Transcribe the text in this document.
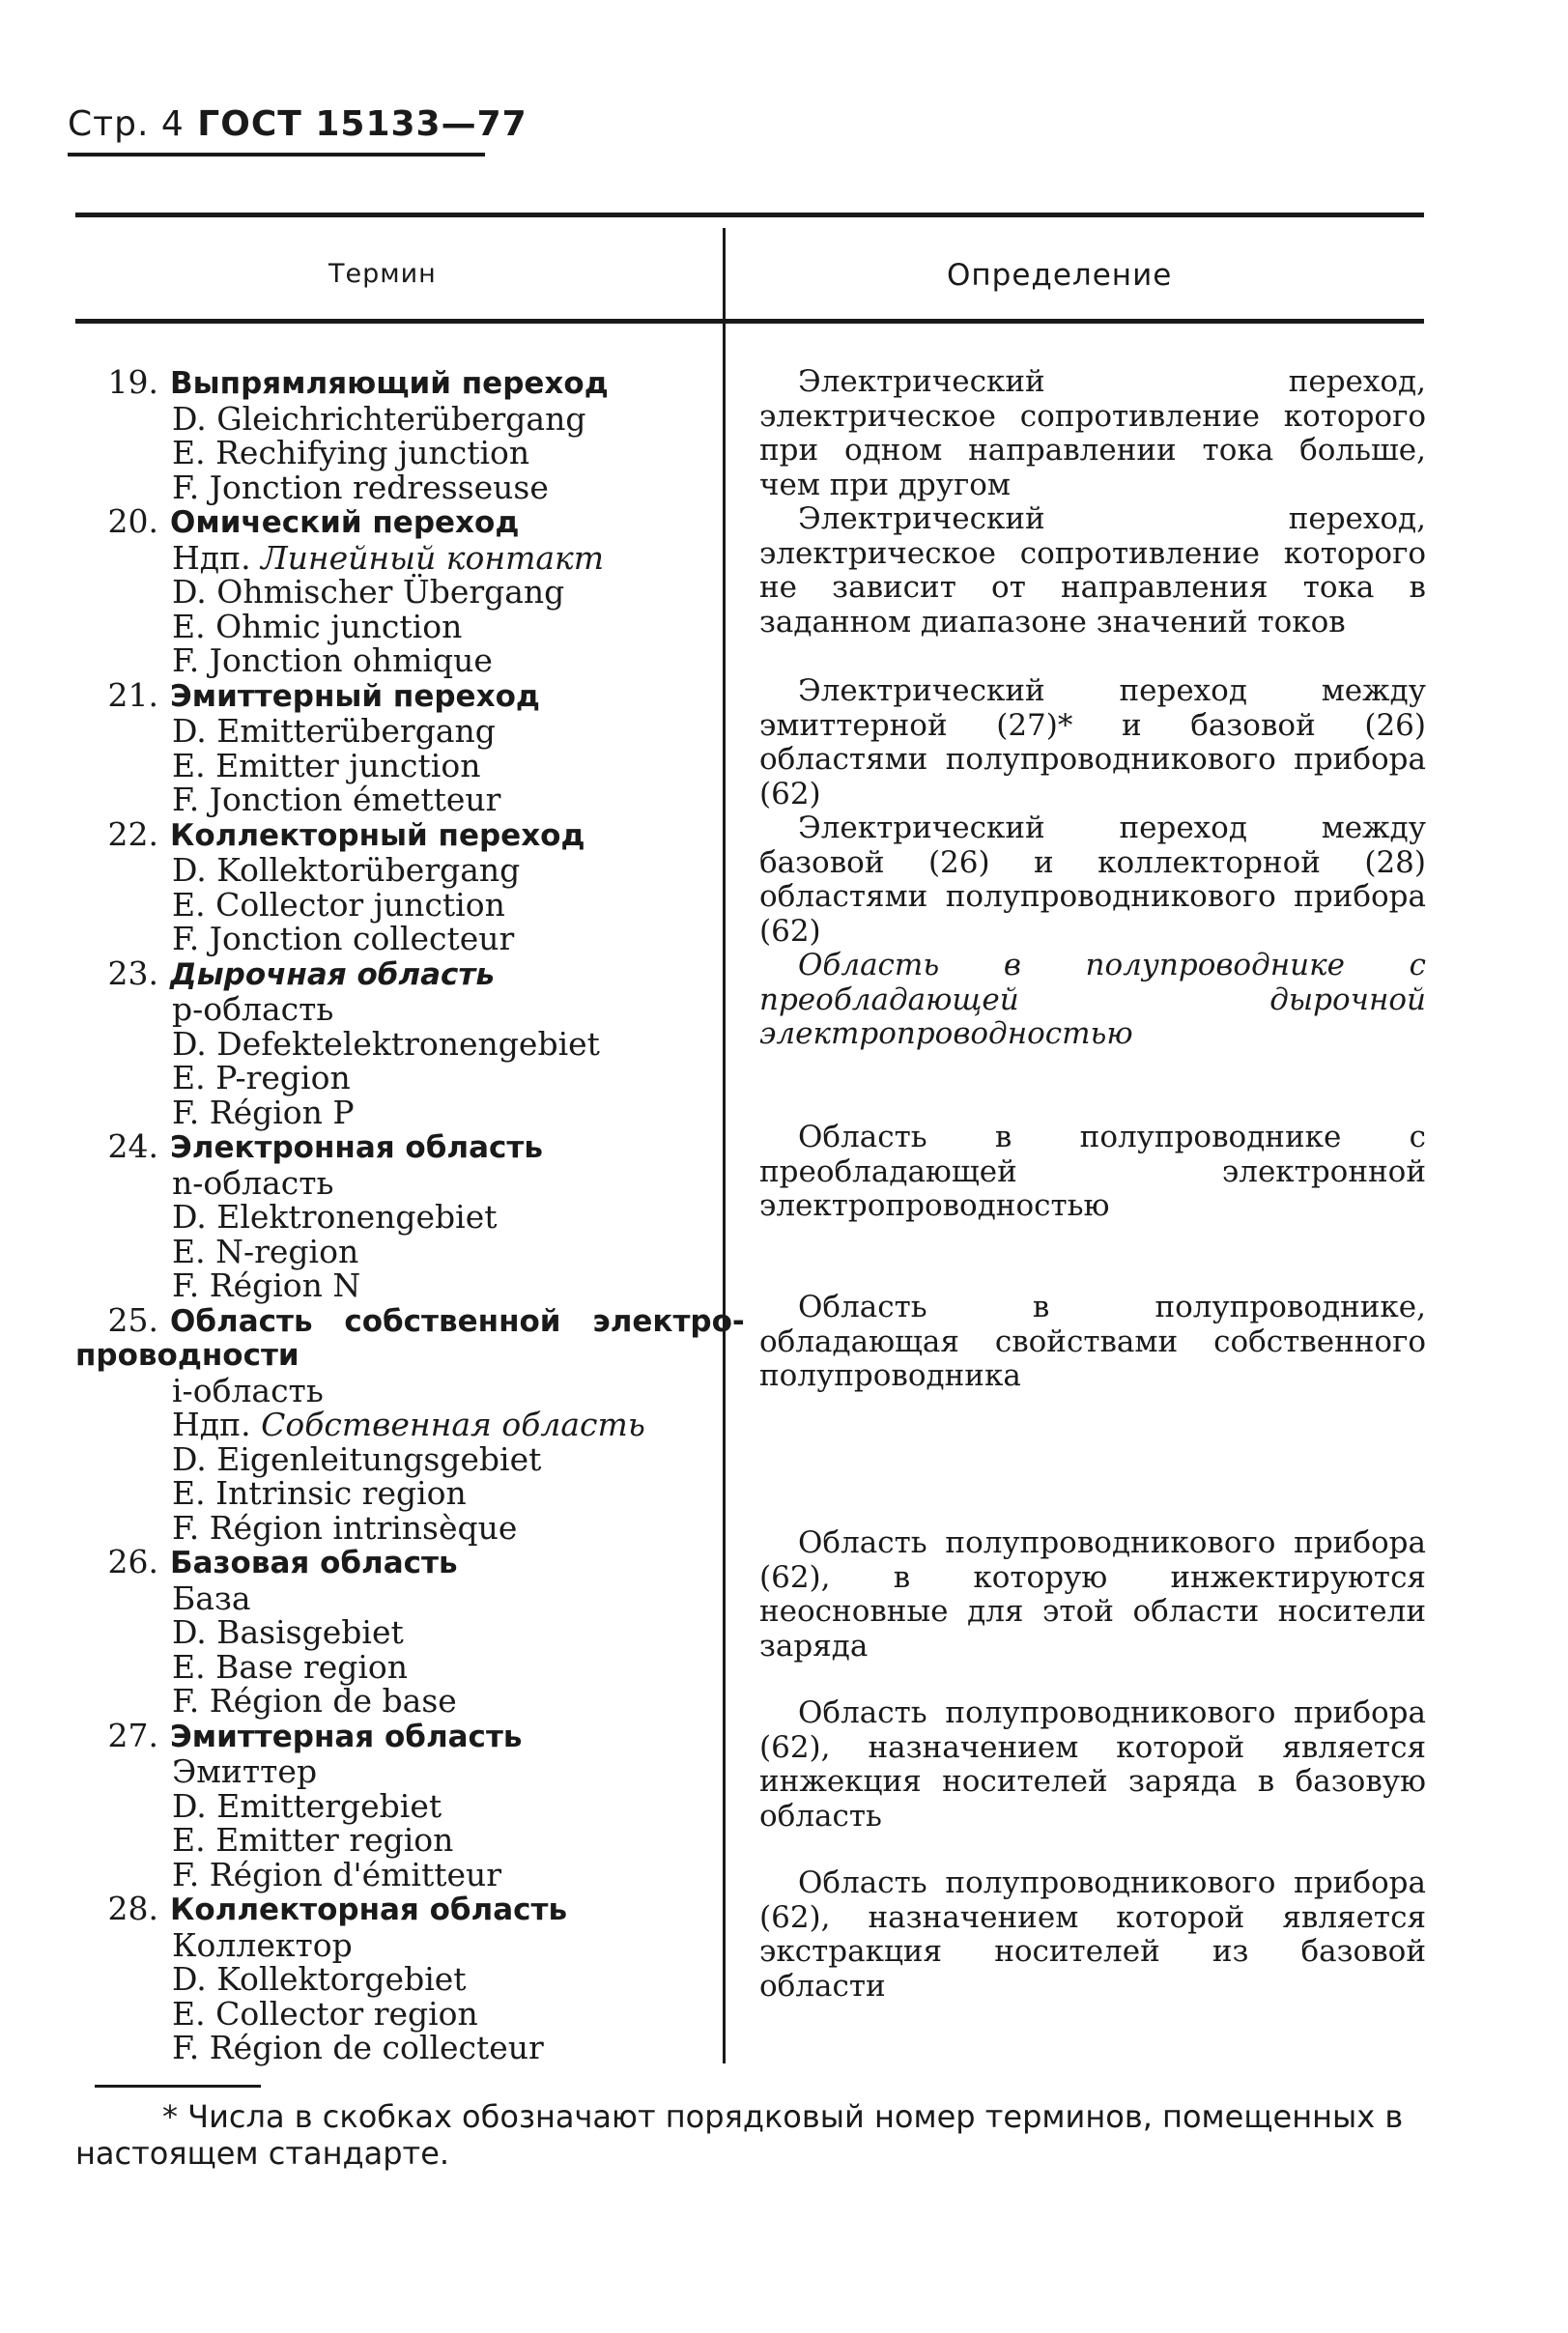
Стр. 4 ГОСТ 15133—77
Термин	Определение
19. Выпрямляющий переход
D. Gleichrichterübergang
E. Rechifying junction
F. Jonction redresseuse
20. Омический переход
Ндп. Линейный контакт
D. Ohmischer Übergang
E. Ohmic junction
F. Jonction ohmique
21. Эмиттерный переход
D. Emitterübergang
E. Emitter junction
F. Jonction émetteur
22. Коллекторный переход
D. Kollektorübergang
E. Collector junction
F. Jonction collecteur
23. Дырочная область
p-область
D. Defektelektronengebiet
E. P-region
F. Région P
24. Электронная область
n-область
D. Elektronengebiet
E. N-region
F. Région N
25. Область собственной электро-
проводности
i-область
Ндп. Собственная область
D. Eigenleitungsgebiet
E. Intrinsic region
F. Région intrinsèque
26. Базовая область
База
D. Basisgebiet
E. Base region
F. Région de base
27. Эмиттерная область
Эмиттер
D. Emittergebiet
E. Emitter region
F. Région d'émitteur
28. Коллекторная область
Коллектор
D. Kollektorgebiet
E. Collector region
F. Région de collecteur
Электрический переход, электрическое сопротивление которого при одном направлении тока больше, чем при другом
Электрический переход, электрическое сопротивление которого не зависит от направления тока в заданном диапазоне значений токов
Электрический переход между эмиттерной (27)* и базовой (26) областями полупроводникового прибора (62)
Электрический переход между базовой (26) и коллекторной (28) областями полупроводникового прибора (62)
Область в полупроводнике с преобладающей дырочной электропроводностью
Область в полупроводнике с преобладающей электронной электропроводностью
Область в полупроводнике, обладающая свойствами собственного полупроводника
Область полупроводникового прибора (62), в которую инжектируются неосновные для этой области носители заряда
Область полупроводникового прибора (62), назначением которой является инжекция носителей заряда в базовую область
Область полупроводникового прибора (62), назначением которой является экстракция носителей из базовой области
* Числа в скобках обозначают порядковый номер терминов, помещенных в настоящем стандарте.
